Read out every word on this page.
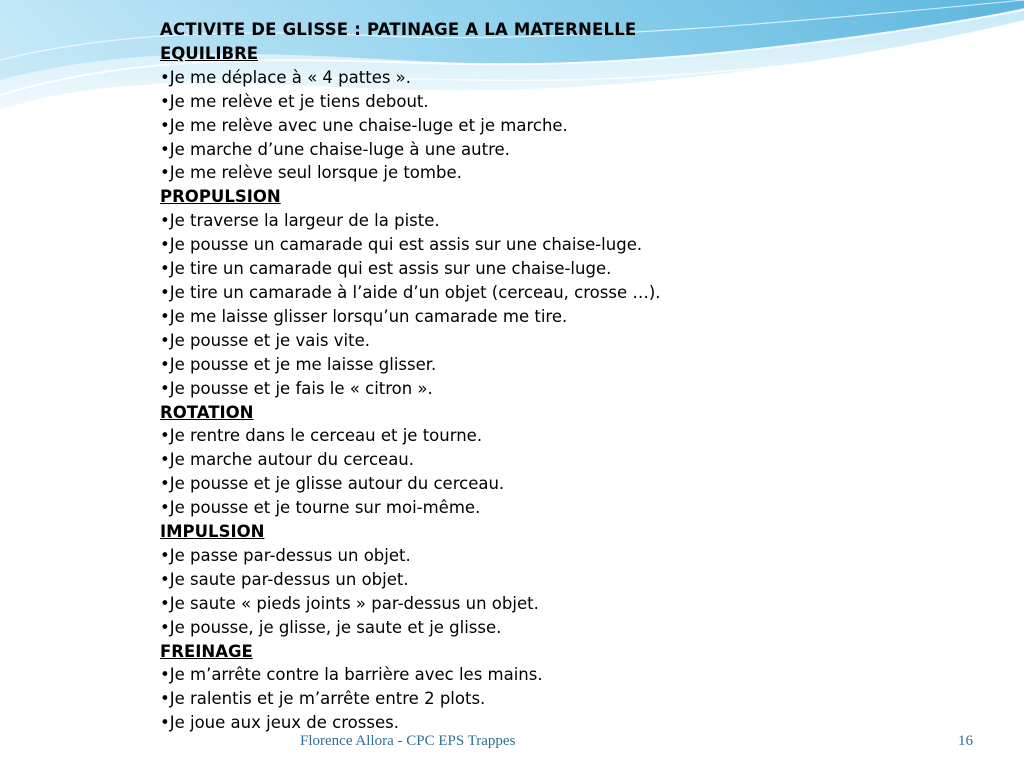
ACTIVITE DE GLISSE : PATINAGE A LA MATERNELLE
EQUILIBRE
•Je me déplace à « 4 pattes ».
•Je me relève et je tiens debout.
•Je me relève avec une chaise-luge et je marche.
•Je marche d’une chaise-luge à une autre.
•Je me relève seul lorsque je tombe.
PROPULSION
•Je traverse la largeur de la piste.
•Je pousse un camarade qui est assis sur une chaise-luge.
•Je tire un camarade qui est assis sur une chaise-luge.
•Je tire un camarade à l’aide d’un objet (cerceau, crosse …).
•Je me laisse glisser lorsqu’un camarade me tire.
•Je pousse et je vais vite.
•Je pousse et je me laisse glisser.
•Je pousse et je fais le « citron ».
ROTATION
•Je rentre dans le cerceau et je tourne.
•Je marche autour du cerceau.
•Je pousse et je glisse autour du cerceau.
•Je pousse et je tourne sur moi-même.
IMPULSION
•Je passe par-dessus un objet.
•Je saute par-dessus un objet.
•Je saute « pieds joints » par-dessus un objet.
•Je pousse, je glisse, je saute et je glisse.
FREINAGE
•Je m’arrête contre la barrière avec les mains.
•Je ralentis et je m’arrête entre 2 plots.
•Je joue aux jeux de crosses.
Florence Allora - CPC EPS Trappes	16
